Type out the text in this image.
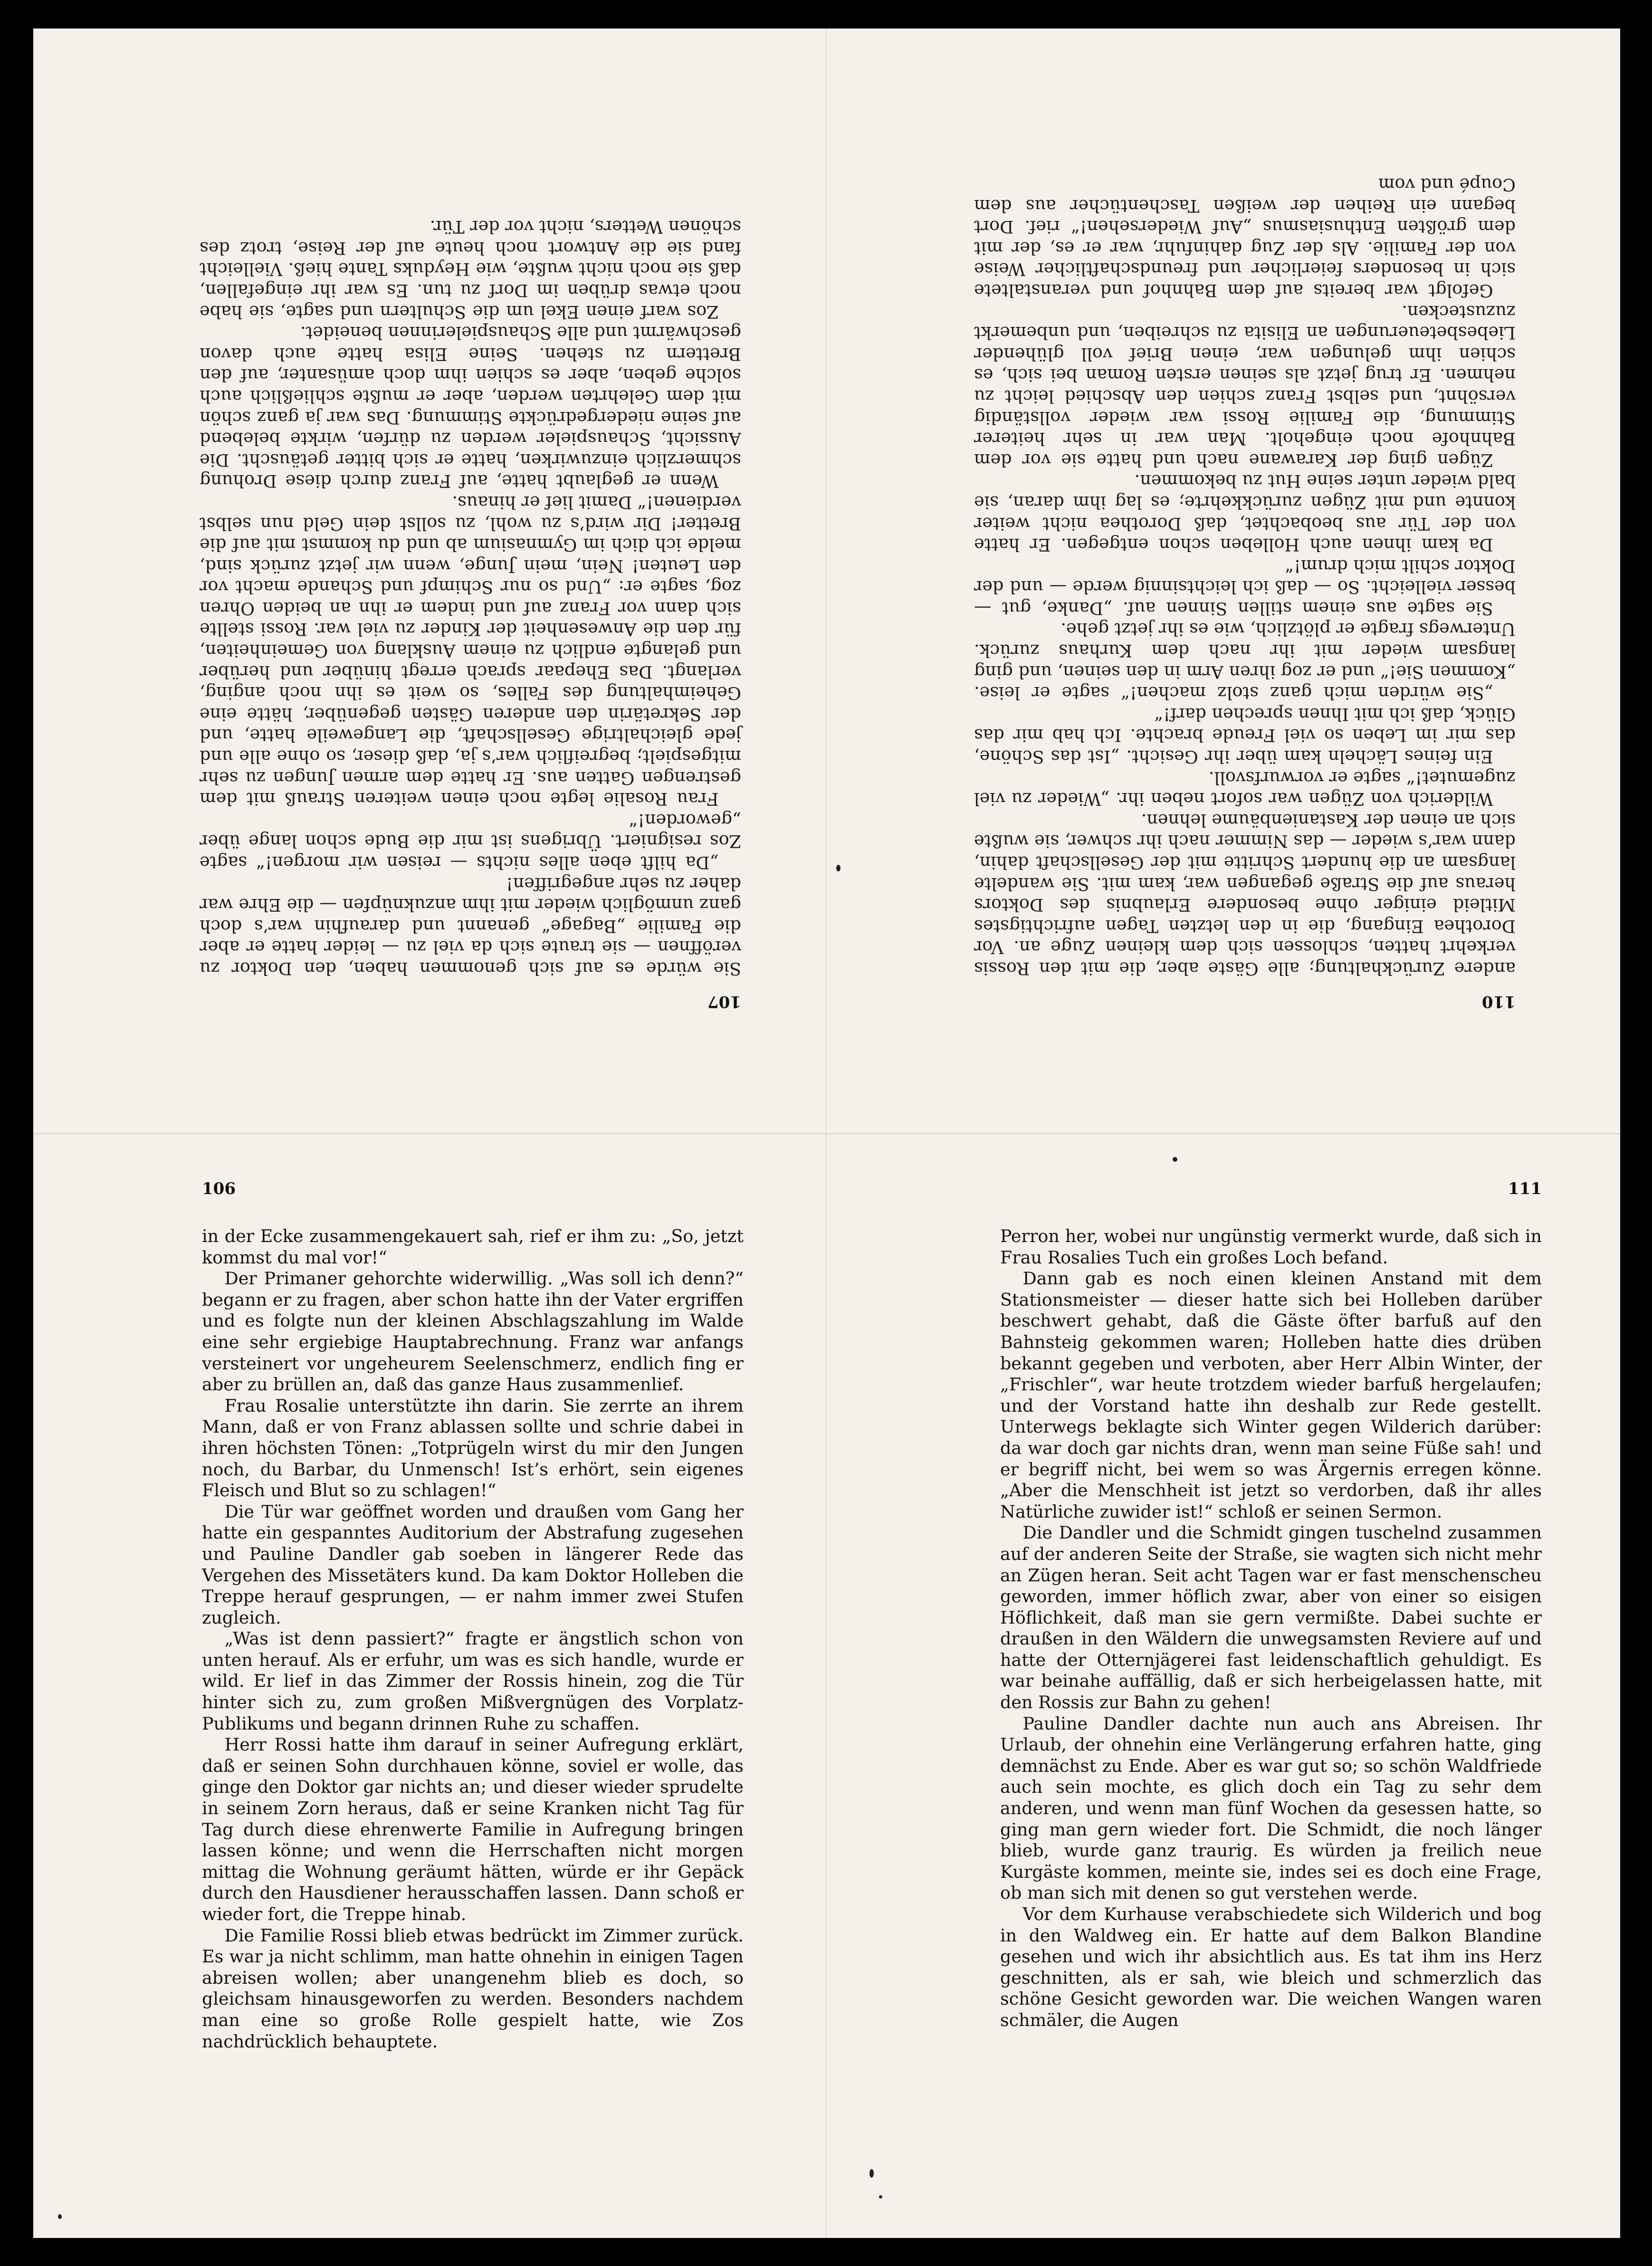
107

Sie würde es auf sich genommen haben, den Doktor zu veröffnen — sie traute sich da viel zu — leider hatte er aber die Familie „Bagage“ genannt und daraufhin war’s doch ganz unmöglich wieder mit ihm anzuknüpfen — die Ehre war daher zu sehr angegriffen!

„Da hilft eben alles nichts — reisen wir morgen!“ sagte Zos resigniert. Übrigens ist mir die Bude schon lange über „geworden!“

Frau Rosalie legte noch einen weiteren Strauß mit dem gestrengen Gatten aus. Er hatte dem armen Jungen zu sehr mitgespielt; begreiflich war’s ja, daß dieser, so ohne alle und jede gleichaltrige Gesellschaft, die Langeweile hatte, und der Sekretärin den anderen Gästen gegenüber, hätte eine Geheimhaltung des Falles, so weit es ihn noch anging, verlangt. Das Ehepaar sprach erregt hinüber und herüber und gelangte endlich zu einem Ausklang von Gemeinheiten, für den die Anwesenheit der Kinder zu viel war. Rossi stellte sich dann vor Franz auf und indem er ihn an beiden Ohren zog, sagte er: „Und so nur Schimpf und Schande macht vor den Leuten! Nein, mein Junge, wenn wir jetzt zurück sind, melde ich dich im Gymnasium ab und du kommst mit auf die Bretter! Dir wird’s zu wohl, zu sollst dein Geld nun selbst verdienen!“ Damit lief er hinaus.

Wenn er geglaubt hatte, auf Franz durch diese Drohung schmerzlich einzuwirken, hatte er sich bitter getäuscht. Die Aussicht, Schauspieler werden zu dürfen, wirkte belebend auf seine niedergedrückte Stimmung. Das war ja ganz schön mit dem Gelehrten werden, aber er mußte schließlich auch solche geben, aber es schien ihm doch amüsanter, auf den Brettern zu stehen. Seine Elisa hatte auch davon geschwärmt und alle Schauspielerinnen beneidet.

Zos warf einen Ekel um die Schultern und sagte, sie habe noch etwas drüben im Dorf zu tun. Es war ihr eingefallen, daß sie noch nicht wußte, wie Heyduks Tante hieß. Vielleicht fand sie die Antwort noch heute auf der Reise, trotz des schönen Wetters, nicht vor der Tür.

110

andere Zurückhaltung; alle Gäste aber, die mit den Rossis verkehrt hatten, schlossen sich dem kleinen Zuge an. Vor Dorothea Eingang, die in den letzten Tagen aufrichtigstes Mitleid einiger ohne besondere Erlaubnis des Doktors heraus auf die Straße gegangen war, kam mit. Sie wandelte langsam an die hundert Schritte mit der Gesellschaft dahin, dann war’s wieder — das Nimmer nach ihr schwer, sie wußte sich an einen der Kastanienbäume lehnen.

Wilderich von Zügen war sofort neben ihr. „Wieder zu viel zugemutet!“ sagte er vorwurfsvoll.

Ein feines Lächeln kam über ihr Gesicht. „Ist das Schöne, das mir im Leben so viel Freude brachte. Ich hab mir das Glück, daß ich mit Ihnen sprechen darf!“

„Sie würden mich ganz stolz machen!“ sagte er leise. „Kommen Sie!“ und er zog ihren Arm in den seinen, und ging langsam wieder mit ihr nach dem Kurhaus zurück. Unterwegs fragte er plötzlich, wie es ihr jetzt gehe.

Sie sagte aus einem stillen Sinnen auf. „Danke, gut — besser vielleicht. So — daß ich leichtsinnig werde — und der Doktor schilt mich drum!“

Da kam ihnen auch Holleben schon entgegen. Er hatte von der Tür aus beobachtet, daß Dorothea nicht weiter konnte und mit Zügen zurückkehrte; es lag ihm daran, sie bald wieder unter seine Hut zu bekommen.

Zügen ging der Karawane nach und hatte sie vor dem Bahnhofe noch eingeholt. Man war in sehr heiterer Stimmung, die Familie Rossi war wieder vollständig versöhnt, und selbst Franz schien den Abschied leicht zu nehmen. Er trug jetzt als seinen ersten Roman bei sich, es schien ihm gelungen war, einen Brief voll glühender Liebesbeteuerungen an Elisita zu schreiben, und unbemerkt zuzustecken.

Gefolgt war bereits auf dem Bahnhof und veranstaltete sich in besonders feierlicher und freundschaftlicher Weise von der Familie. Als der Zug dahinfuhr, war er es, der mit dem größten Enthusiasmus „Auf Wiedersehen!“ rief. Dort begann ein Reihen der weißen Taschentücher aus dem Coupé und vom

106

in der Ecke zusammengekauert sah, rief er ihm zu: „So, jetzt kommst du mal vor!“

Der Primaner gehorchte widerwillig. „Was soll ich denn?“ begann er zu fragen, aber schon hatte ihn der Vater ergriffen und es folgte nun der kleinen Abschlagszahlung im Walde eine sehr ergiebige Hauptabrechnung. Franz war anfangs versteinert vor ungeheurem Seelenschmerz, endlich fing er aber zu brüllen an, daß das ganze Haus zusammenlief.

Frau Rosalie unterstützte ihn darin. Sie zerrte an ihrem Mann, daß er von Franz ablassen sollte und schrie dabei in ihren höchsten Tönen: „Totprügeln wirst du mir den Jungen noch, du Barbar, du Unmensch! Ist’s erhört, sein eigenes Fleisch und Blut so zu schlagen!“

Die Tür war geöffnet worden und draußen vom Gang her hatte ein gespanntes Auditorium der Abstrafung zugesehen und Pauline Dandler gab soeben in längerer Rede das Vergehen des Missetäters kund. Da kam Doktor Holleben die Treppe herauf gesprungen, — er nahm immer zwei Stufen zugleich.

„Was ist denn passiert?“ fragte er ängstlich schon von unten herauf. Als er erfuhr, um was es sich handle, wurde er wild. Er lief in das Zimmer der Rossis hinein, zog die Tür hinter sich zu, zum großen Mißvergnügen des Vorplatz-Publikums und begann drinnen Ruhe zu schaffen.

Herr Rossi hatte ihm darauf in seiner Aufregung erklärt, daß er seinen Sohn durchhauen könne, soviel er wolle, das ginge den Doktor gar nichts an; und dieser wieder sprudelte in seinem Zorn heraus, daß er seine Kranken nicht Tag für Tag durch diese ehrenwerte Familie in Aufregung bringen lassen könne; und wenn die Herrschaften nicht morgen mittag die Wohnung geräumt hätten, würde er ihr Gepäck durch den Hausdiener herausschaffen lassen. Dann schoß er wieder fort, die Treppe hinab.

Die Familie Rossi blieb etwas bedrückt im Zimmer zurück. Es war ja nicht schlimm, man hatte ohnehin in einigen Tagen abreisen wollen; aber unangenehm blieb es doch, so gleichsam hinausgeworfen zu werden. Besonders nachdem man eine so große Rolle gespielt hatte, wie Zos nachdrücklich behauptete.

111

Perron her, wobei nur ungünstig vermerkt wurde, daß sich in Frau Rosalies Tuch ein großes Loch befand.

Dann gab es noch einen kleinen Anstand mit dem Stationsmeister — dieser hatte sich bei Holleben darüber beschwert gehabt, daß die Gäste öfter barfuß auf den Bahnsteig gekommen waren; Holleben hatte dies drüben bekannt gegeben und verboten, aber Herr Albin Winter, der „Frischler“, war heute trotzdem wieder barfuß hergelaufen; und der Vorstand hatte ihn deshalb zur Rede gestellt. Unterwegs beklagte sich Winter gegen Wilderich darüber: da war doch gar nichts dran, wenn man seine Füße sah! und er begriff nicht, bei wem so was Ärgernis erregen könne. „Aber die Menschheit ist jetzt so verdorben, daß ihr alles Natürliche zuwider ist!“ schloß er seinen Sermon.

Die Dandler und die Schmidt gingen tuschelnd zusammen auf der anderen Seite der Straße, sie wagten sich nicht mehr an Zügen heran. Seit acht Tagen war er fast menschenscheu geworden, immer höflich zwar, aber von einer so eisigen Höflichkeit, daß man sie gern vermißte. Dabei suchte er draußen in den Wäldern die unwegsamsten Reviere auf und hatte der Otternjägerei fast leidenschaftlich gehuldigt. Es war beinahe auffällig, daß er sich herbeigelassen hatte, mit den Rossis zur Bahn zu gehen!

Pauline Dandler dachte nun auch ans Abreisen. Ihr Urlaub, der ohnehin eine Verlängerung erfahren hatte, ging demnächst zu Ende. Aber es war gut so; so schön Waldfriede auch sein mochte, es glich doch ein Tag zu sehr dem anderen, und wenn man fünf Wochen da gesessen hatte, so ging man gern wieder fort. Die Schmidt, die noch länger blieb, wurde ganz traurig. Es würden ja freilich neue Kurgäste kommen, meinte sie, indes sei es doch eine Frage, ob man sich mit denen so gut verstehen werde.

Vor dem Kurhause verabschiedete sich Wilderich und bog in den Waldweg ein. Er hatte auf dem Balkon Blandine gesehen und wich ihr absichtlich aus. Es tat ihm ins Herz geschnitten, als er sah, wie bleich und schmerzlich das schöne Gesicht geworden war. Die weichen Wangen waren schmäler, die Augen
